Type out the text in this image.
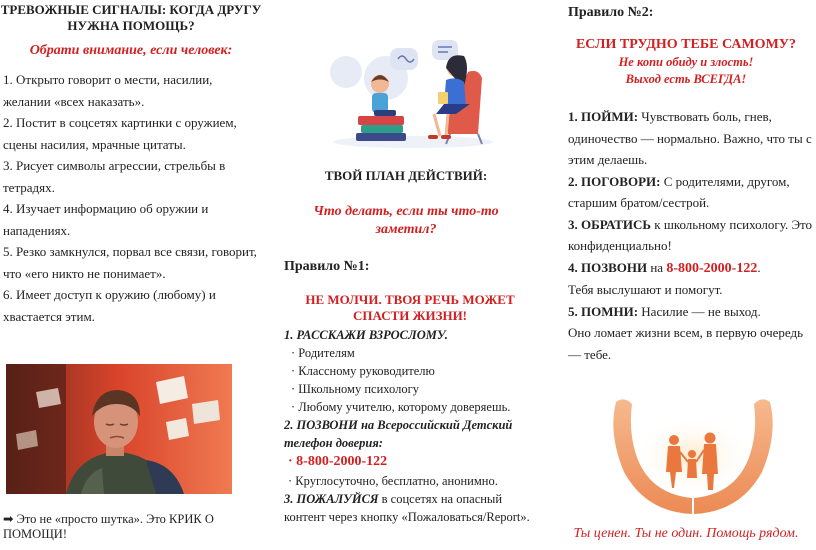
ТРЕВОЖНЫЕ СИГНАЛЫ: КОГДА ДРУГУ НУЖНА ПОМОЩЬ?

Обрати внимание, если человек:

1. Открыто говорит о мести, насилии, желании «всех наказать».
2. Постит в соцсетях картинки с оружием, сцены насилия, мрачные цитаты.
3. Рисует символы агрессии, стрельбы в тетрадях.
4. Изучает информацию об оружии и нападениях.
5. Резко замкнулся, порвал все связи, говорит, что «его никто не понимает».
6. Имеет доступ к оружию (любому) и хвастается этим.

➡ Это не «просто шутка». Это КРИК О ПОМОЩИ!

ТВОЙ ПЛАН ДЕЙСТВИЙ:

Что делать, если ты что-то заметил?

Правило №1:

НЕ МОЛЧИ. ТВОЯ РЕЧЬ МОЖЕТ СПАСТИ ЖИЗНИ!

1. РАССКАЖИ ВЗРОСЛОМУ.
· Родителям
· Классному руководителю
· Школьному психологу
· Любому учителю, которому доверяешь.
2. ПОЗВОНИ на Всероссийский Детский телефон доверия:
· 8-800-2000-122
· Круглосуточно, бесплатно, анонимно.
3. ПОЖАЛУЙСЯ в соцсетях на опасный контент через кнопку «Пожаловаться/Report».

Правило №2:

ЕСЛИ ТРУДНО ТЕБЕ САМОМУ?

Не копи обиду и злость!

Выход есть ВСЕГДА!

1. ПОЙМИ: Чувствовать боль, гнев, одиночество — нормально. Важно, что ты с этим делаешь.
2. ПОГОВОРИ: С родителями, другом, старшим братом/сестрой.
3. ОБРАТИСЬ к школьному психологу. Это конфиденциально!
4. ПОЗВОНИ на 8-800-2000-122.
Тебя выслушают и помогут.
5. ПОМНИ: Насилие — не выход.
Оно ломает жизни всем, в первую очередь — тебе.

Ты ценен. Ты не один. Помощь рядом.
